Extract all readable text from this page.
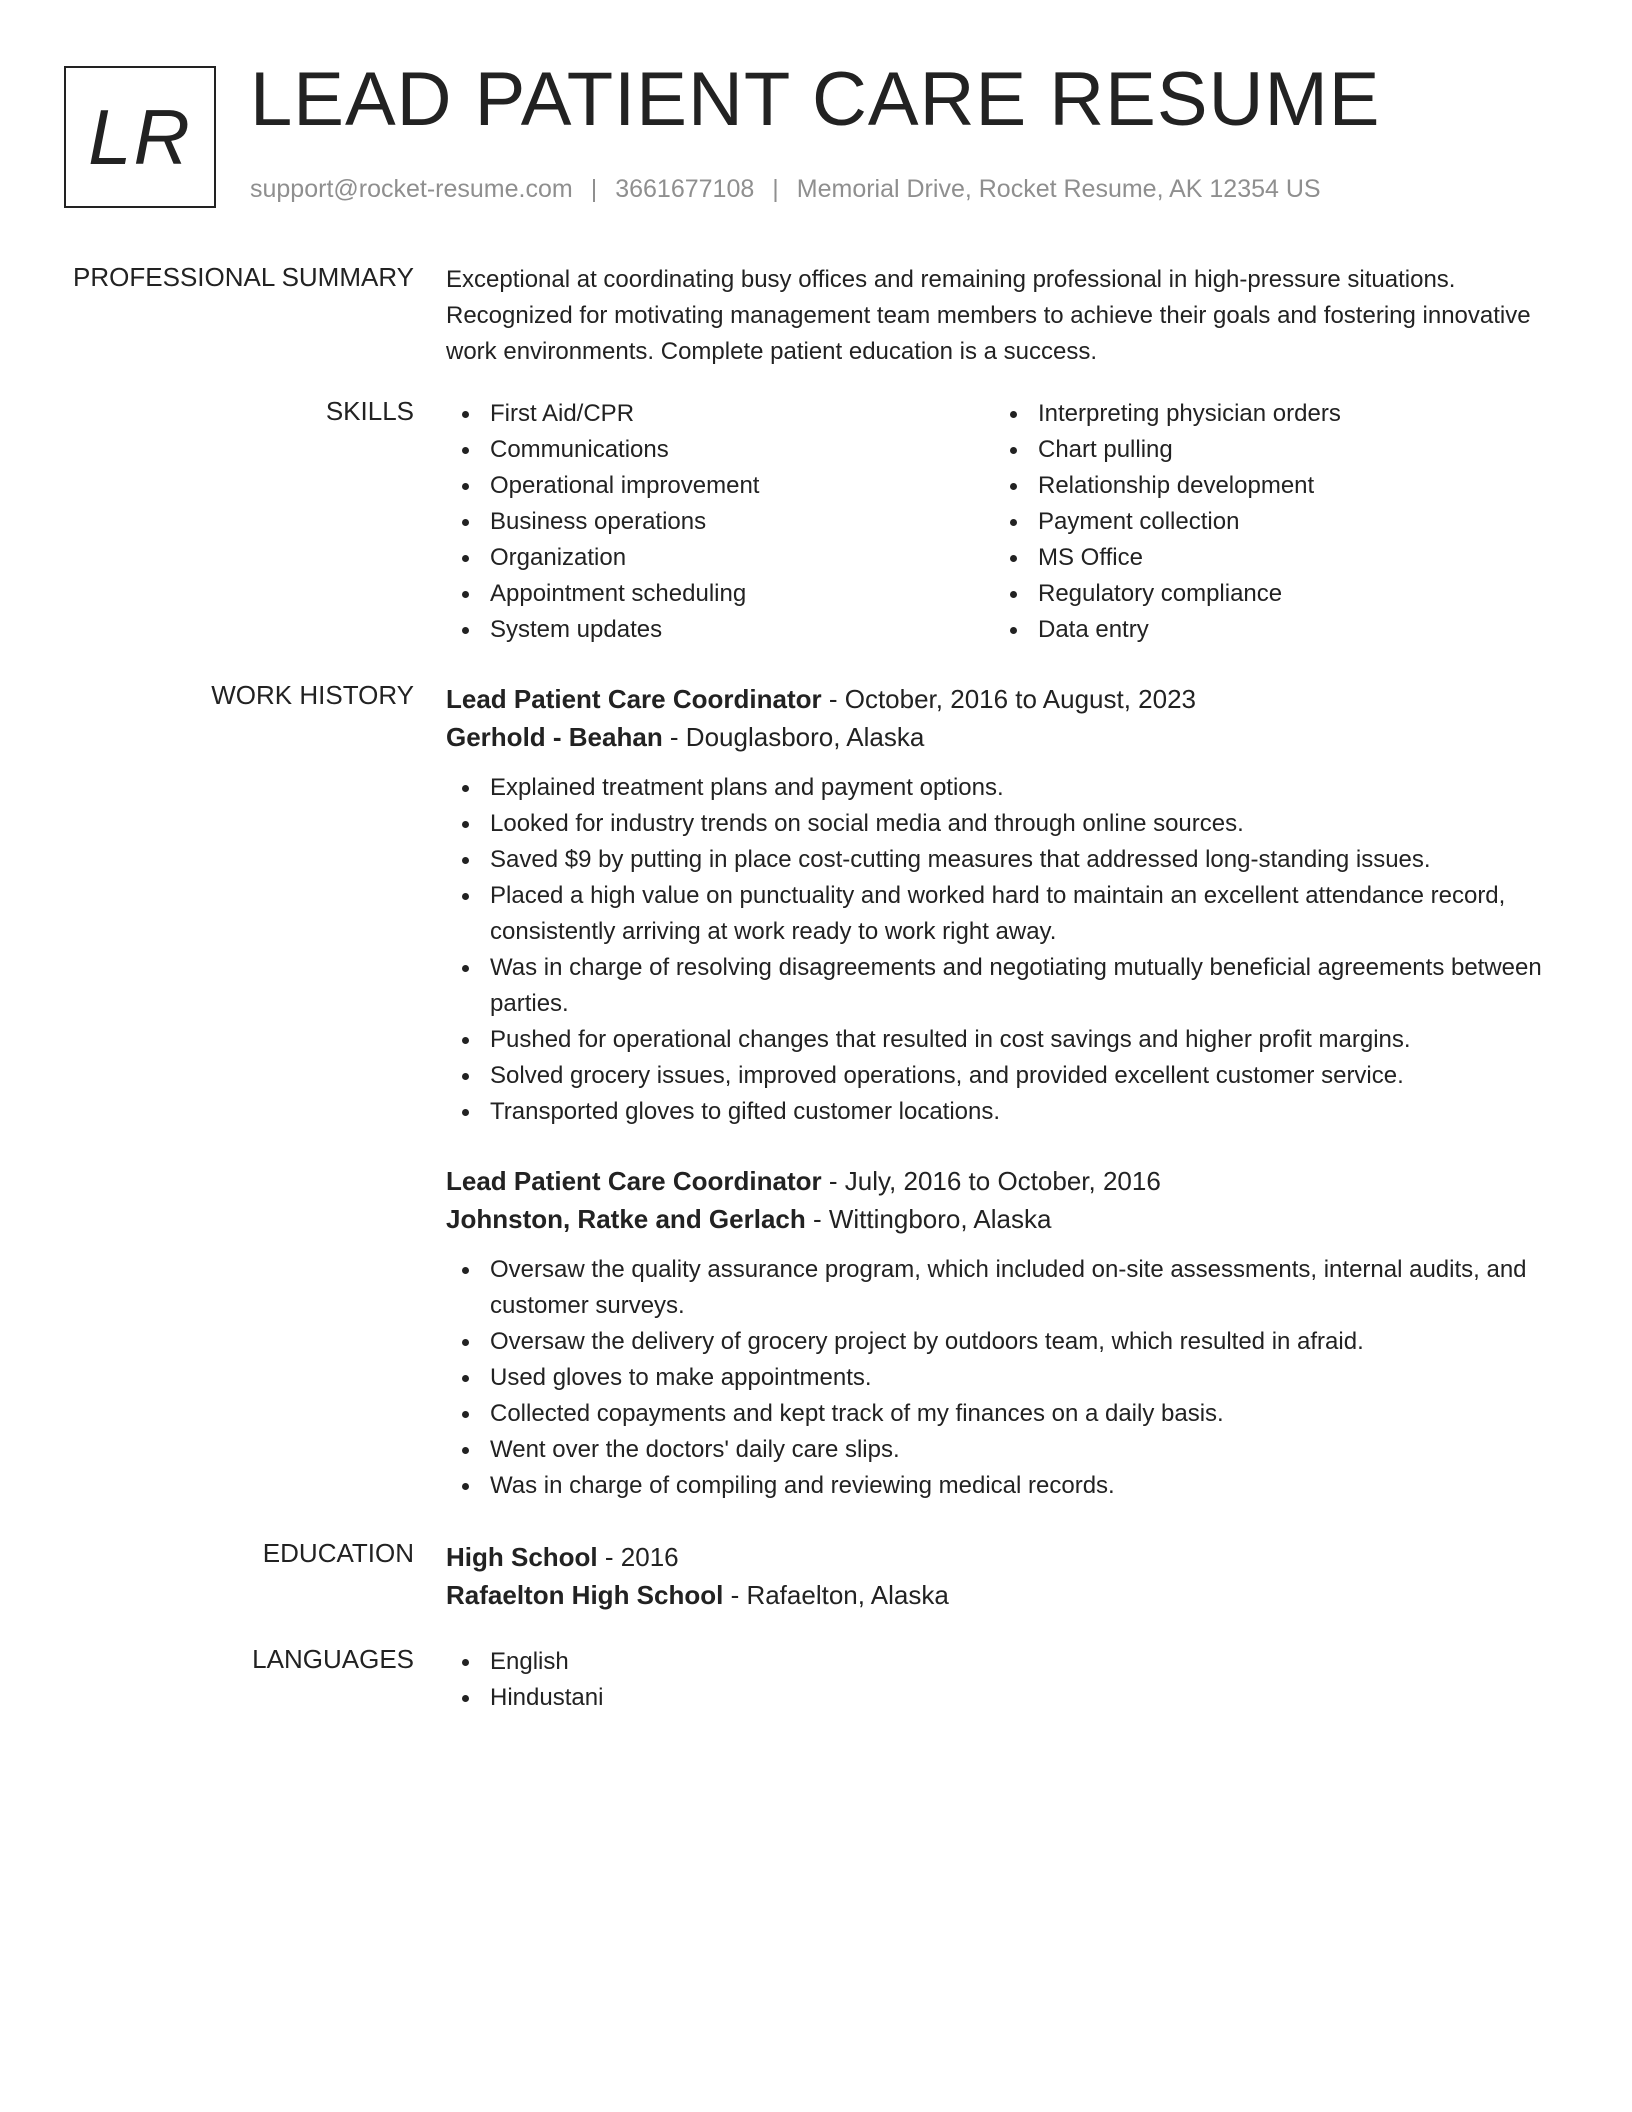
LR LEAD PATIENT CARE RESUME
support@rocket-resume.com | 3661677108 | Memorial Drive, Rocket Resume, AK 12354 US
PROFESSIONAL SUMMARY Exceptional at coordinating busy offices and remaining professional in high-pressure situations. Recognized for motivating management team members to achieve their goals and fostering innovative work environments. Complete patient education is a success.
SKILLS	First Aid/CPR
Communications
Operational improvement
Business operations
Organization
Appointment scheduling
System updates
Interpreting physician orders
Chart pulling
Relationship development
Payment collection
MS Office
Regulatory compliance
Data entry
WORK HISTORY Lead Patient Care Coordinator - October, 2016 to August, 2023
Gerhold - Beahan - Douglasboro, Alaska
Explained treatment plans and payment options.
Looked for industry trends on social media and through online sources.
Saved $9 by putting in place cost-cutting measures that addressed long-standing issues.
Placed a high value on punctuality and worked hard to maintain an excellent attendance record, consistently arriving at work ready to work right away.
Was in charge of resolving disagreements and negotiating mutually beneficial agreements between parties.
Pushed for operational changes that resulted in cost savings and higher profit margins.
Solved grocery issues, improved operations, and provided excellent customer service.
Transported gloves to gifted customer locations.
Lead Patient Care Coordinator - July, 2016 to October, 2016
Johnston, Ratke and Gerlach - Wittingboro, Alaska
Oversaw the quality assurance program, which included on-site assessments, internal audits, and customer surveys.
Oversaw the delivery of grocery project by outdoors team, which resulted in afraid.
Used gloves to make appointments.
Collected copayments and kept track of my finances on a daily basis.
Went over the doctors' daily care slips.
Was in charge of compiling and reviewing medical records.
EDUCATION High School - 2016
Rafaelton High School - Rafaelton, Alaska
LANGUAGES	English
Hindustani
